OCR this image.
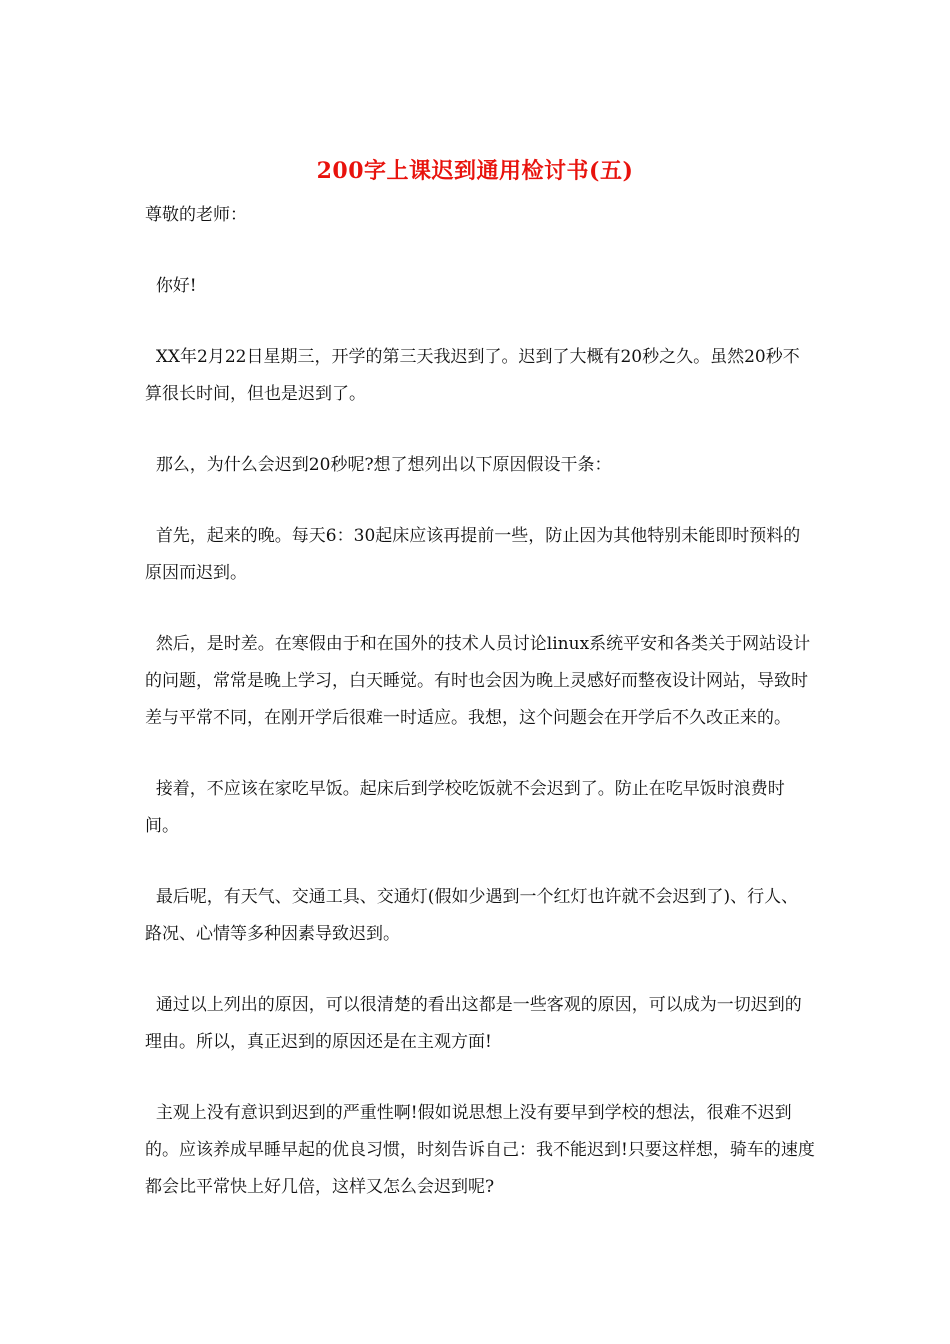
200字上课迟到通用检讨书(五)

尊敬的老师：

你好!

XX年2月22日星期三，开学的第三天我迟到了。迟到了大概有20秒之久。虽然20秒不算很长时间，但也是迟到了。

那么，为什么会迟到20秒呢?想了想列出以下原因假设干条：

首先，起来的晚。每天6：30起床应该再提前一些，防止因为其他特别未能即时预料的原因而迟到。

然后，是时差。在寒假由于和在国外的技术人员讨论linux系统平安和各类关于网站设计的问题，常常是晚上学习，白天睡觉。有时也会因为晚上灵感好而整夜设计网站，导致时差与平常不同，在刚开学后很难一时适应。我想，这个问题会在开学后不久改正来的。

接着，不应该在家吃早饭。起床后到学校吃饭就不会迟到了。防止在吃早饭时浪费时间。

最后呢，有天气、交通工具、交通灯(假如少遇到一个红灯也许就不会迟到了)、行人、路况、心情等多种因素导致迟到。

通过以上列出的原因，可以很清楚的看出这都是一些客观的原因，可以成为一切迟到的理由。所以，真正迟到的原因还是在主观方面!

主观上没有意识到迟到的严重性啊!假如说思想上没有要早到学校的想法，很难不迟到的。应该养成早睡早起的优良习惯，时刻告诉自己：我不能迟到!只要这样想，骑车的速度都会比平常快上好几倍，这样又怎么会迟到呢?
